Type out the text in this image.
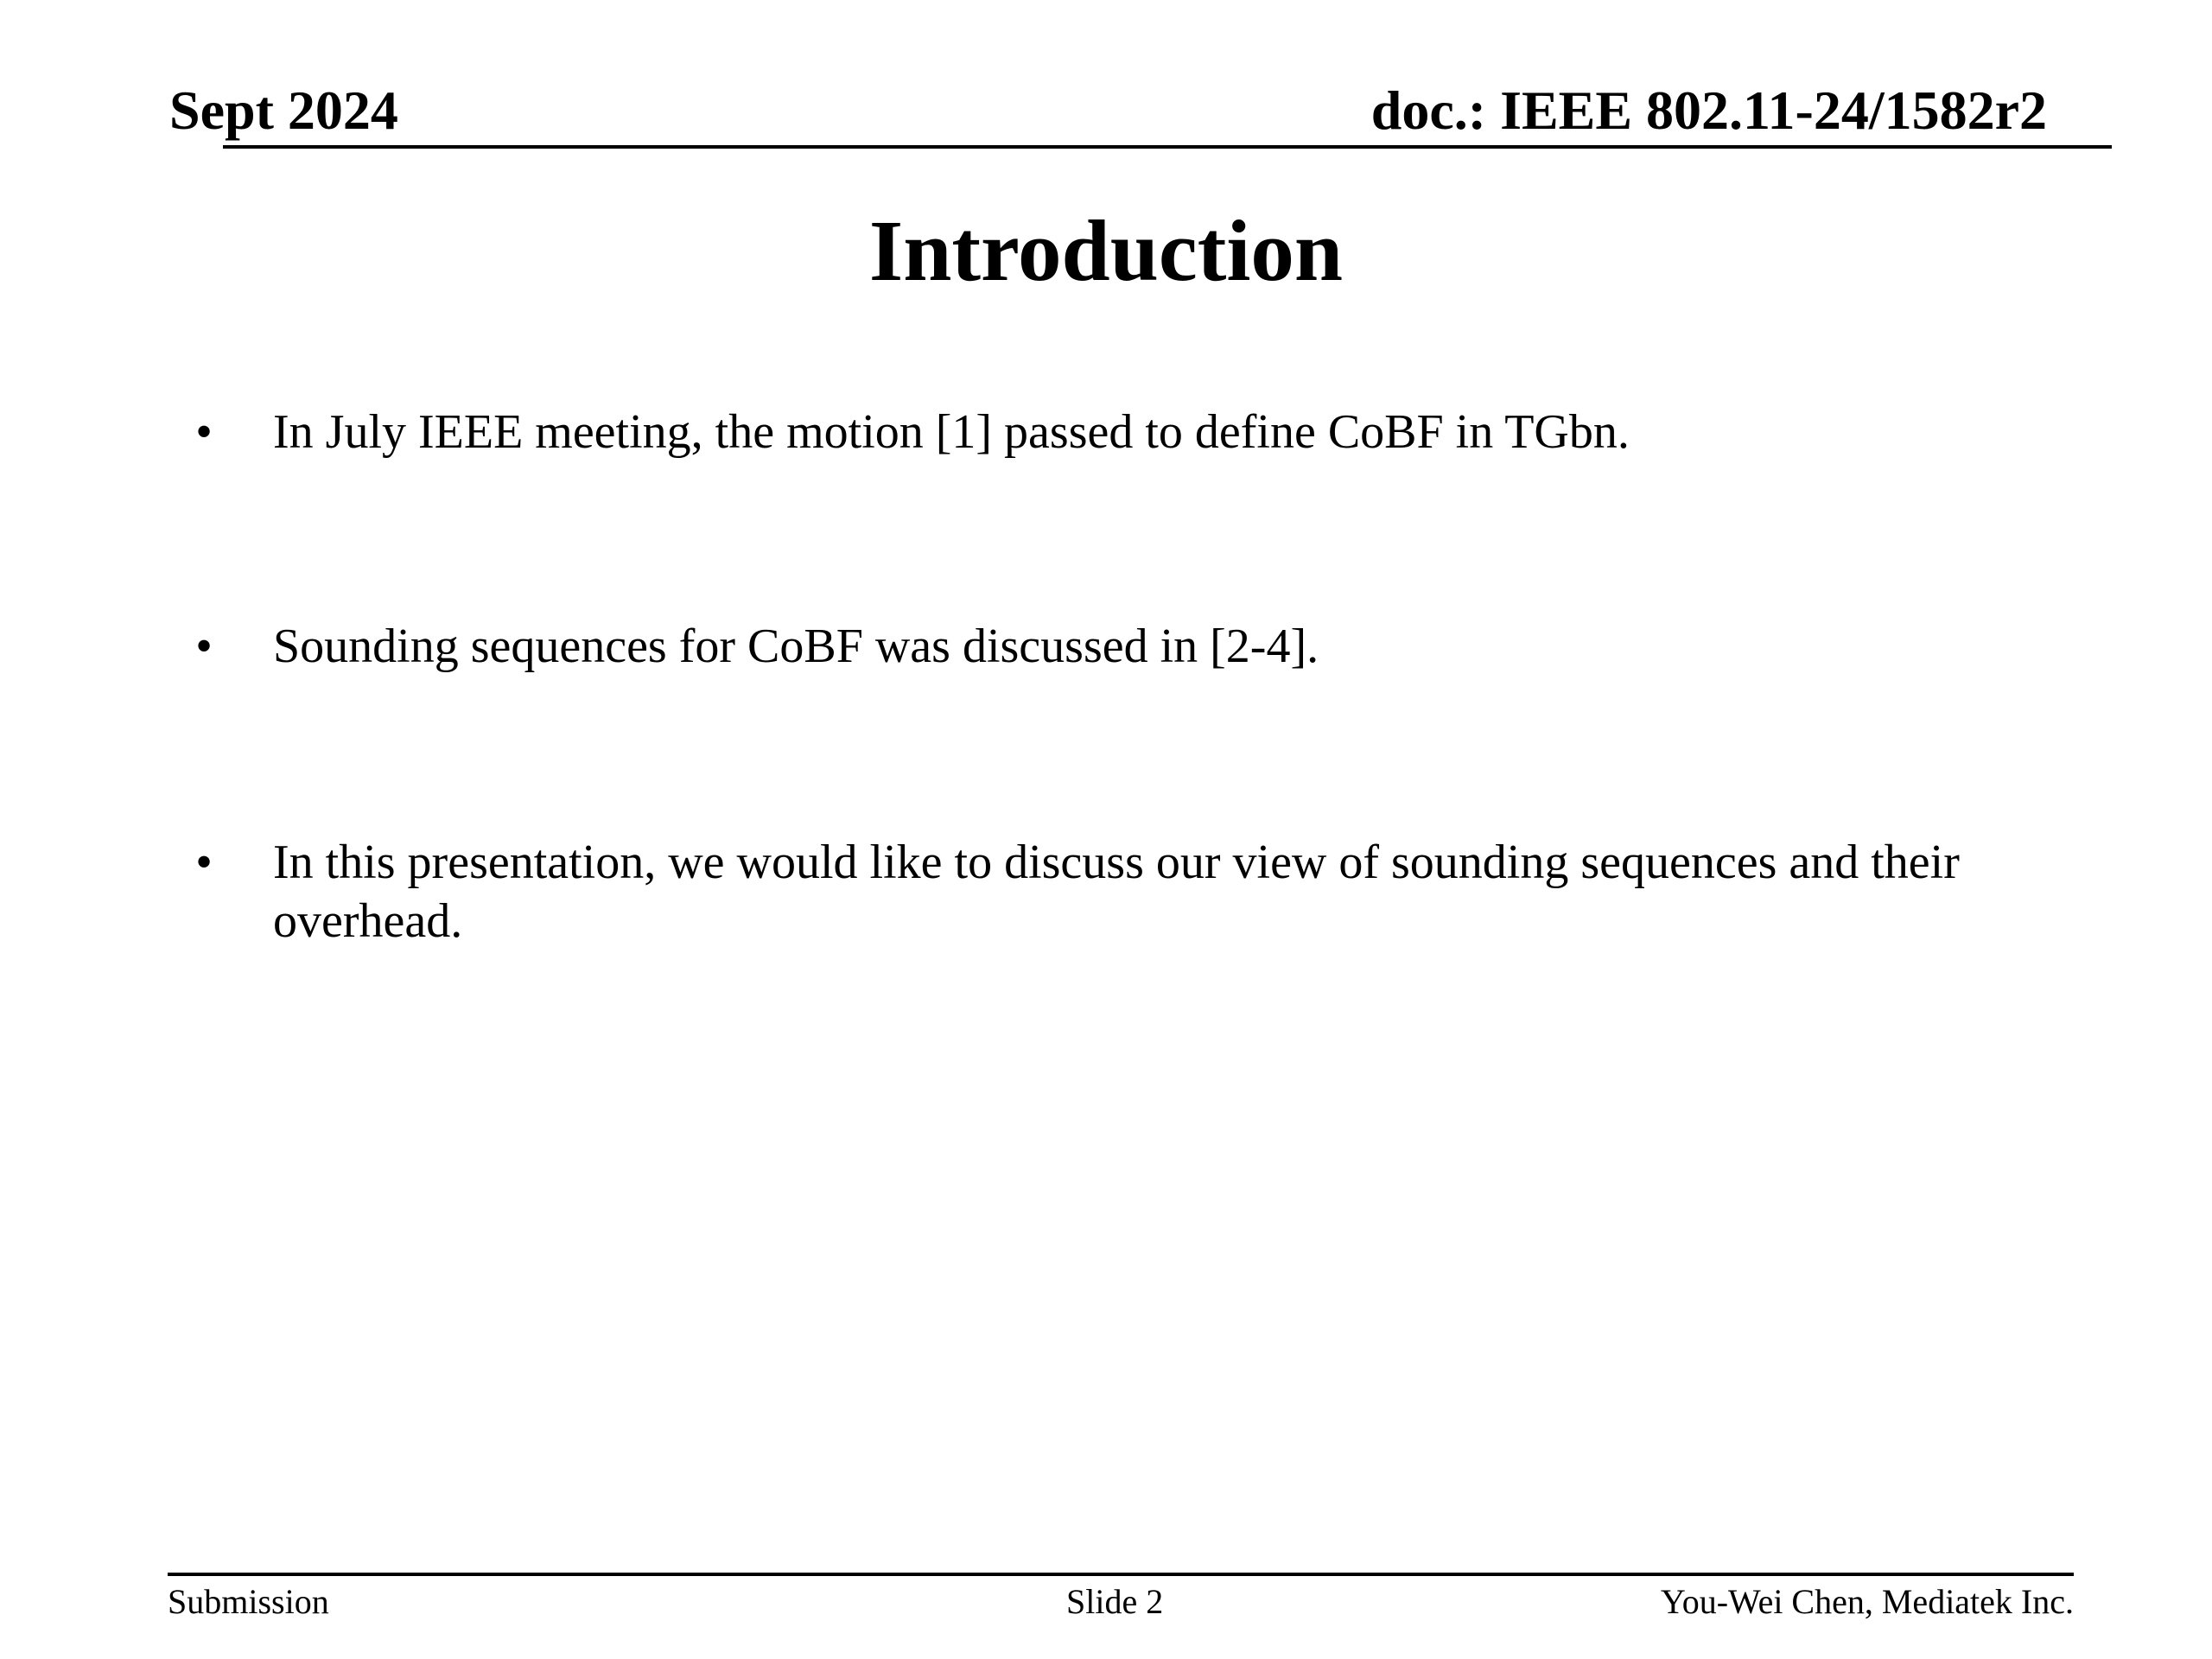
Sept 2024	doc.: IEEE 802.11-24/1582r2
Introduction
• In July IEEE meeting, the motion [1] passed to define CoBF in TGbn.
• Sounding sequences for CoBF was discussed in [2-4].
• In this presentation, we would like to discuss our view of sounding sequences and their overhead.
Submission	Slide 2	You-Wei Chen, Mediatek Inc.
